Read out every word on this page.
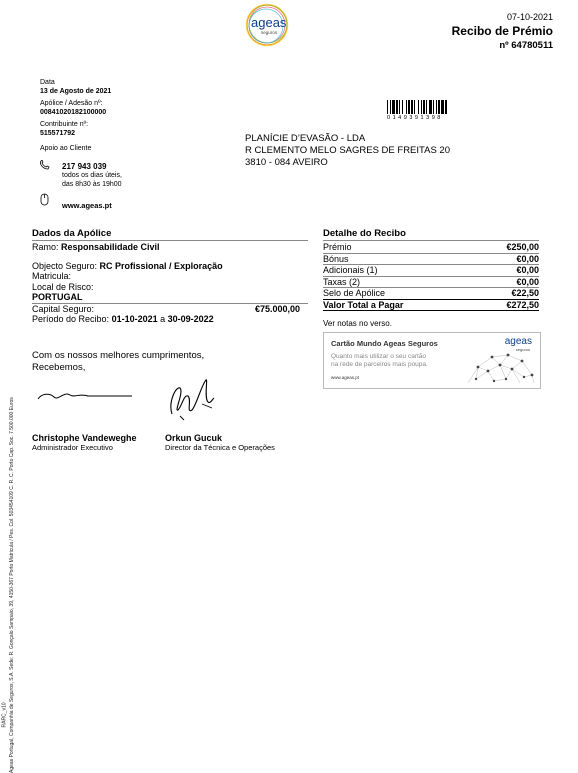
Ageas Portugal, Companhia de Seguros, S.A. Sede: R. Gonçalo Sampaio, 39, 4150-367 Porto Matricula / Pes. Col. 503454109 C. R. C. Porto Cap. Soc. 7.500.000 Euros
RARC_v10
ageas
seguros
07-10-2021
Recibo de Prémio
nº 64780511
Data
13 de Agosto de 2021
Apólice / Adesão nº:
00841020182100000
Contribuinte nº:
515571792
Apoio ao Cliente
217 943 039
todos os dias úteis,
das 8h30 às 19h00
www.ageas.pt
0 1 4 9 3 9 1 3 9 8
PLANÍCIE D’EVASÃO - LDA
R CLEMENTO MELO SAGRES DE FREITAS 20
3810 - 084 AVEIRO
Dados da Apólice
Ramo: Responsabilidade Civil
Objecto Seguro: RC Profissional / Exploração
Matricula:
Local de Risco:
PORTUGAL
Capital Seguro:	€75.000,00
Período do Recibo: 01-10-2021 a 30-09-2022
Detalhe do Recibo
Prémio	€250,00
Bónus	€0,00
Adicionais (1)	€0,00
Taxas (2)	€0,00
Selo de Apólice	€22,50
Valor Total a Pagar	€272,50
Ver notas no verso.
Cartão Mundo Ageas Seguros	ageas
seguros
Quanto mais utilizar o seu cartão
na rede de parceiros mais poupa.
www.ageas.pt
Com os nossos melhores cumprimentos,
Recebemos,
Christophe Vandeweghe
Administrador Executivo
Orkun Gucuk
Director da Técnica e Operações
